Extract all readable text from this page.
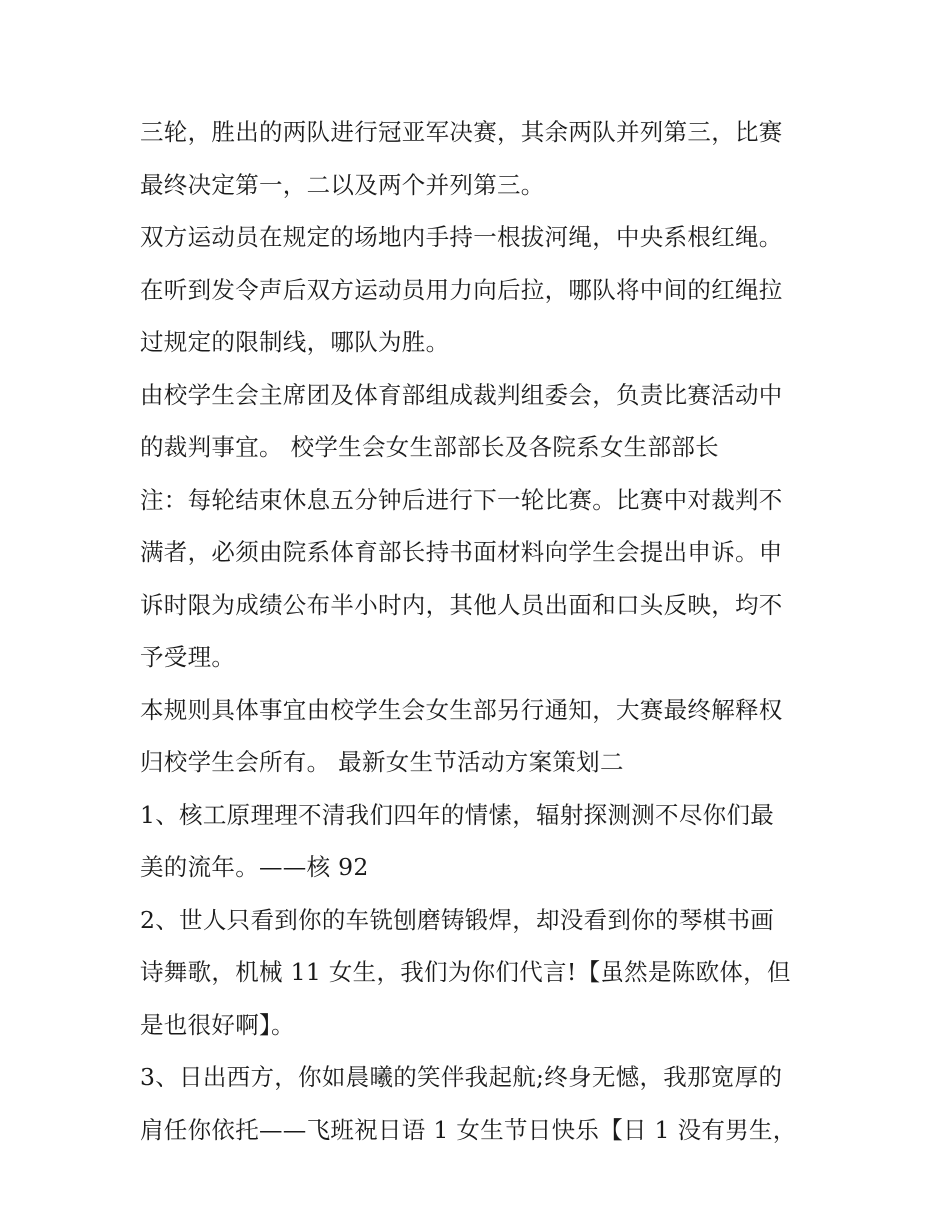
三轮，胜出的两队进行冠亚军决赛，其余两队并列第三，比赛
最终决定第一，二以及两个并列第三。
双方运动员在规定的场地内手持一根拔河绳，中央系根红绳。
在听到发令声后双方运动员用力向后拉，哪队将中间的红绳拉
过规定的限制线，哪队为胜。
由校学生会主席团及体育部组成裁判组委会，负责比赛活动中
的裁判事宜。 校学生会女生部部长及各院系女生部部长
注：每轮结束休息五分钟后进行下一轮比赛。比赛中对裁判不
满者，必须由院系体育部长持书面材料向学生会提出申诉。申
诉时限为成绩公布半小时内，其他人员出面和口头反映，均不
予受理。
本规则具体事宜由校学生会女生部另行通知，大赛最终解释权
归校学生会所有。 最新女生节活动方案策划二
1、核工原理理不清我们四年的情愫，辐射探测测不尽你们最
美的流年。——核 92
2、世人只看到你的车铣刨磨铸锻焊，却没看到你的琴棋书画
诗舞歌，机械 11 女生，我们为你们代言!【虽然是陈欧体，但
是也很好啊】。
3、日出西方，你如晨曦的笑伴我起航;终身无憾，我那宽厚的
肩任你依托——飞班祝日语 1 女生节日快乐【日 1 没有男生，
